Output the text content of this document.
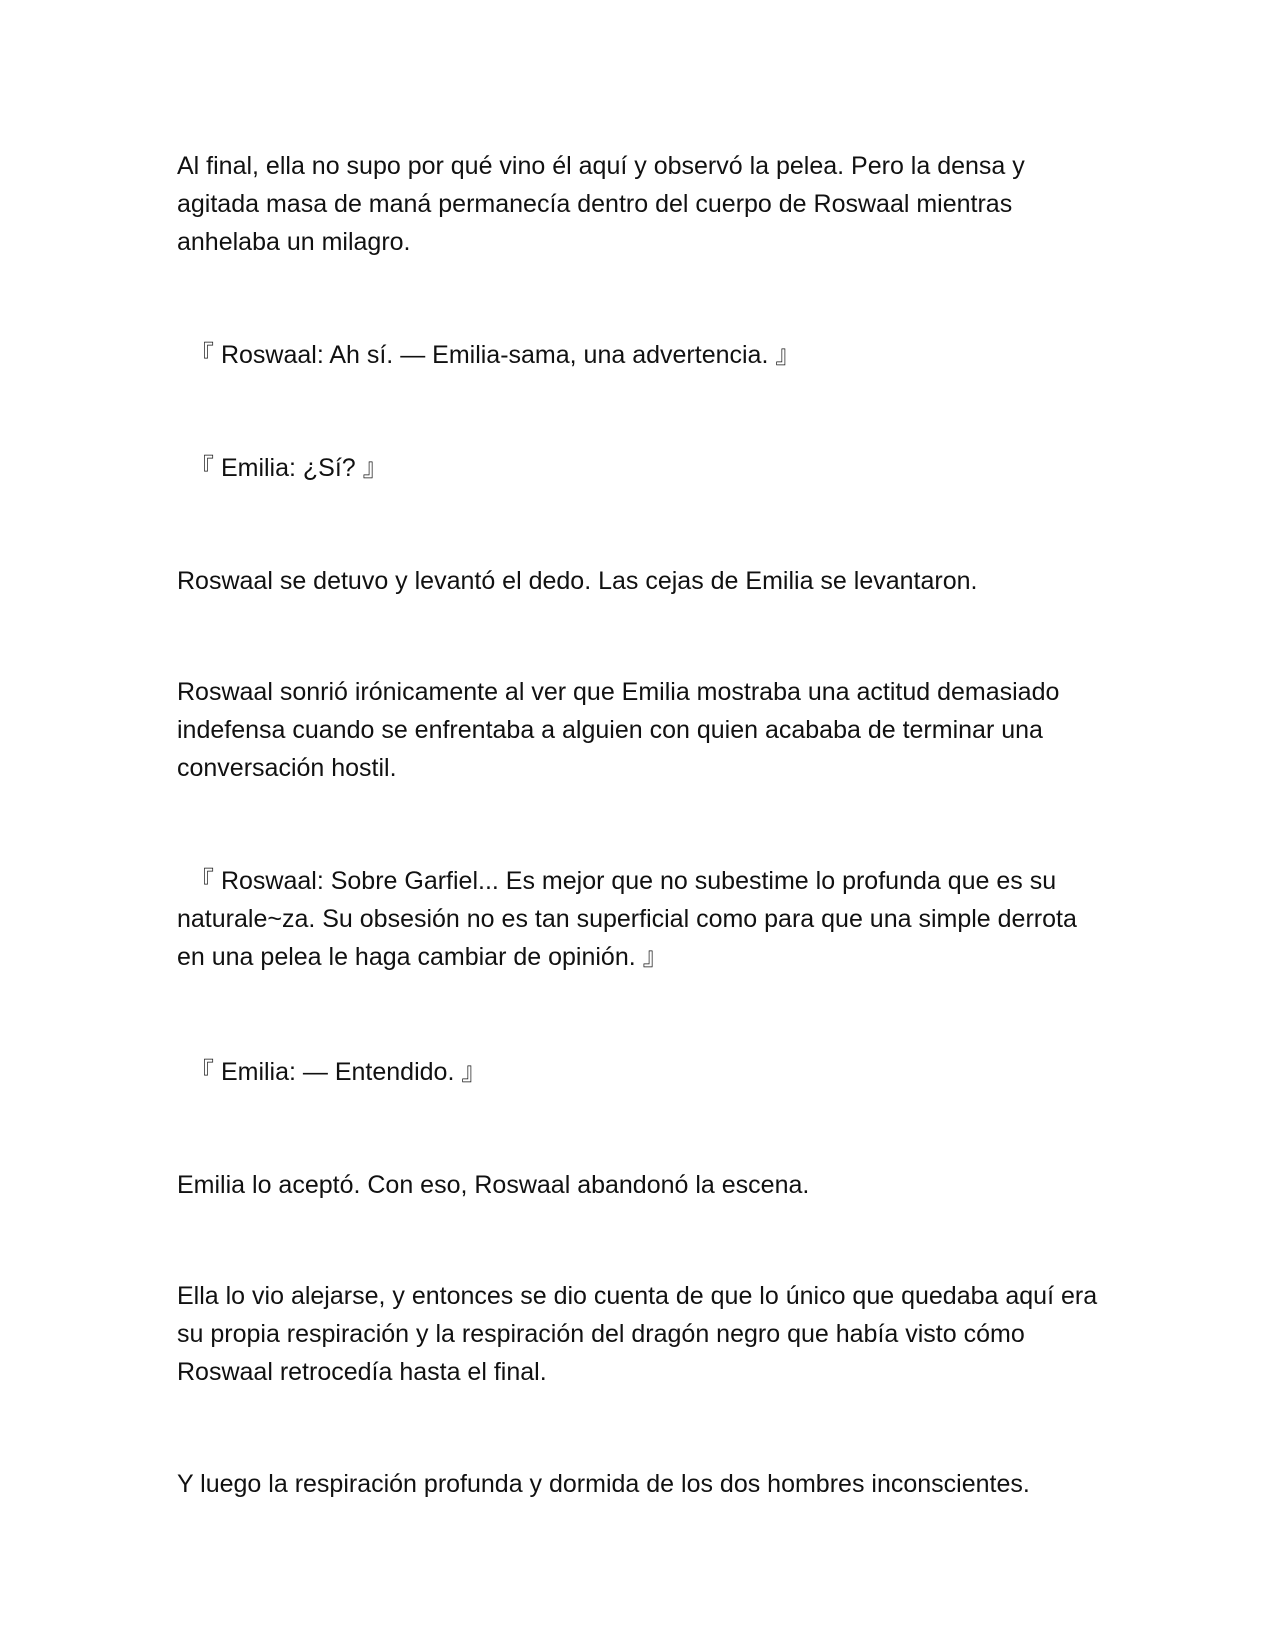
Al final, ella no supo por qué vino él aquí y observó la pelea. Pero la densa y agitada masa de maná permanecía dentro del cuerpo de Roswaal mientras anhelaba un milagro.

『 Roswaal: Ah sí. — Emilia-sama, una advertencia. 』

『 Emilia: ¿Sí? 』

Roswaal se detuvo y levantó el dedo. Las cejas de Emilia se levantaron.

Roswaal sonrió irónicamente al ver que Emilia mostraba una actitud demasiado indefensa cuando se enfrentaba a alguien con quien acababa de terminar una conversación hostil.

『 Roswaal: Sobre Garfiel... Es mejor que no subestime lo profunda que es su naturale~za. Su obsesión no es tan superficial como para que una simple derrota en una pelea le haga cambiar de opinión. 』

『 Emilia: — Entendido. 』

Emilia lo aceptó. Con eso, Roswaal abandonó la escena.

Ella lo vio alejarse, y entonces se dio cuenta de que lo único que quedaba aquí era su propia respiración y la respiración del dragón negro que había visto cómo Roswaal retrocedía hasta el final.

Y luego la respiración profunda y dormida de los dos hombres inconscientes.
